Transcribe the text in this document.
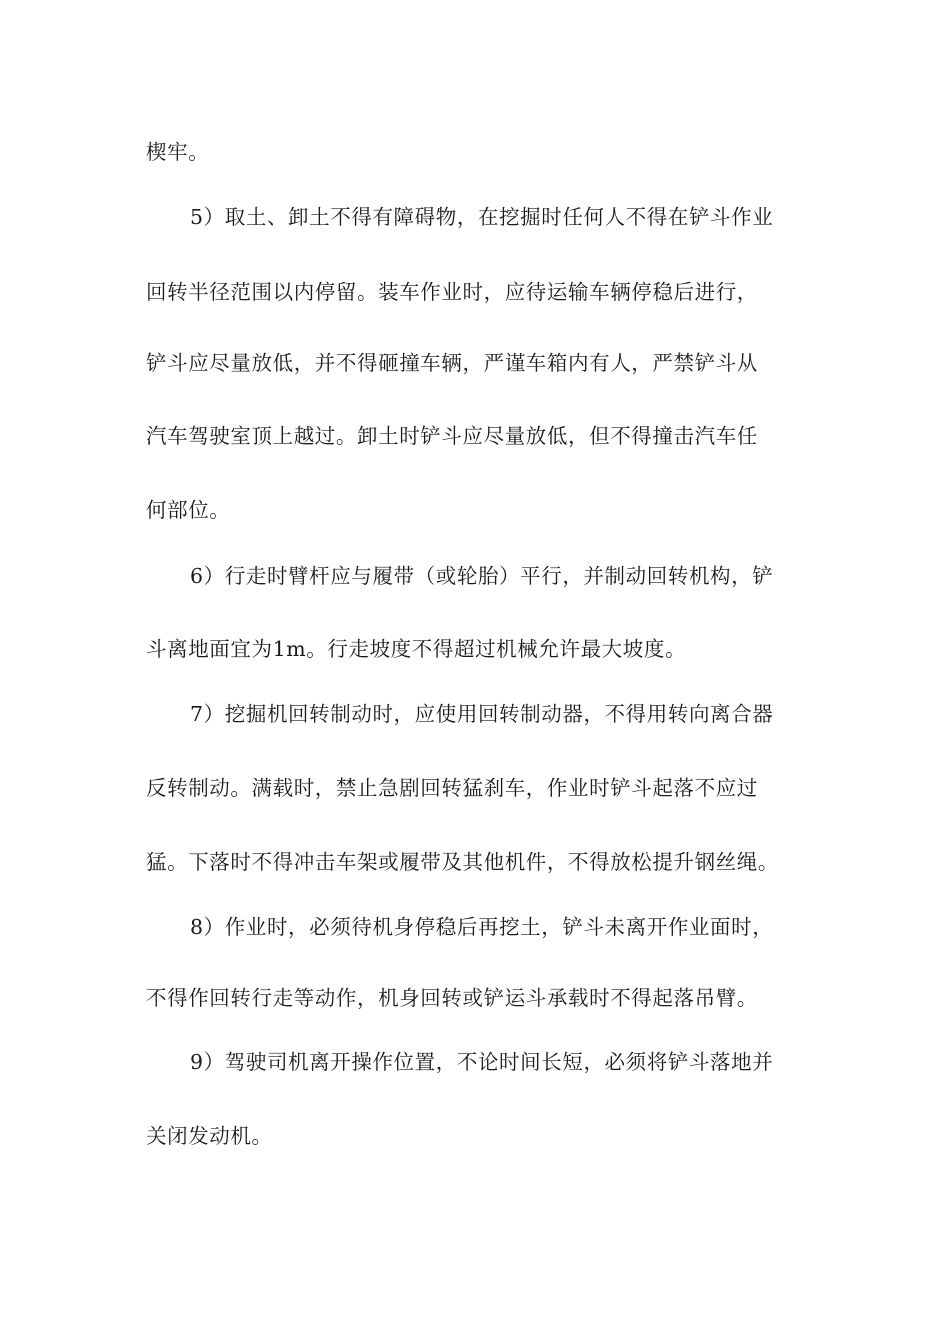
楔牢。
5）取土、卸土不得有障碍物，在挖掘时任何人不得在铲斗作业
回转半径范围以内停留。装车作业时，应待运输车辆停稳后进行，
铲斗应尽量放低，并不得砸撞车辆，严谨车箱内有人，严禁铲斗从
汽车驾驶室顶上越过。卸土时铲斗应尽量放低，但不得撞击汽车任
何部位。
6）行走时臂杆应与履带（或轮胎）平行，并制动回转机构，铲
斗离地面宜为1m。行走坡度不得超过机械允许最大坡度。
7）挖掘机回转制动时，应使用回转制动器，不得用转向离合器
反转制动。满载时，禁止急剧回转猛刹车，作业时铲斗起落不应过
猛。下落时不得冲击车架或履带及其他机件，不得放松提升钢丝绳。
8）作业时，必须待机身停稳后再挖土，铲斗未离开作业面时，
不得作回转行走等动作，机身回转或铲运斗承载时不得起落吊臂。
9）驾驶司机离开操作位置，不论时间长短，必须将铲斗落地并
关闭发动机。
